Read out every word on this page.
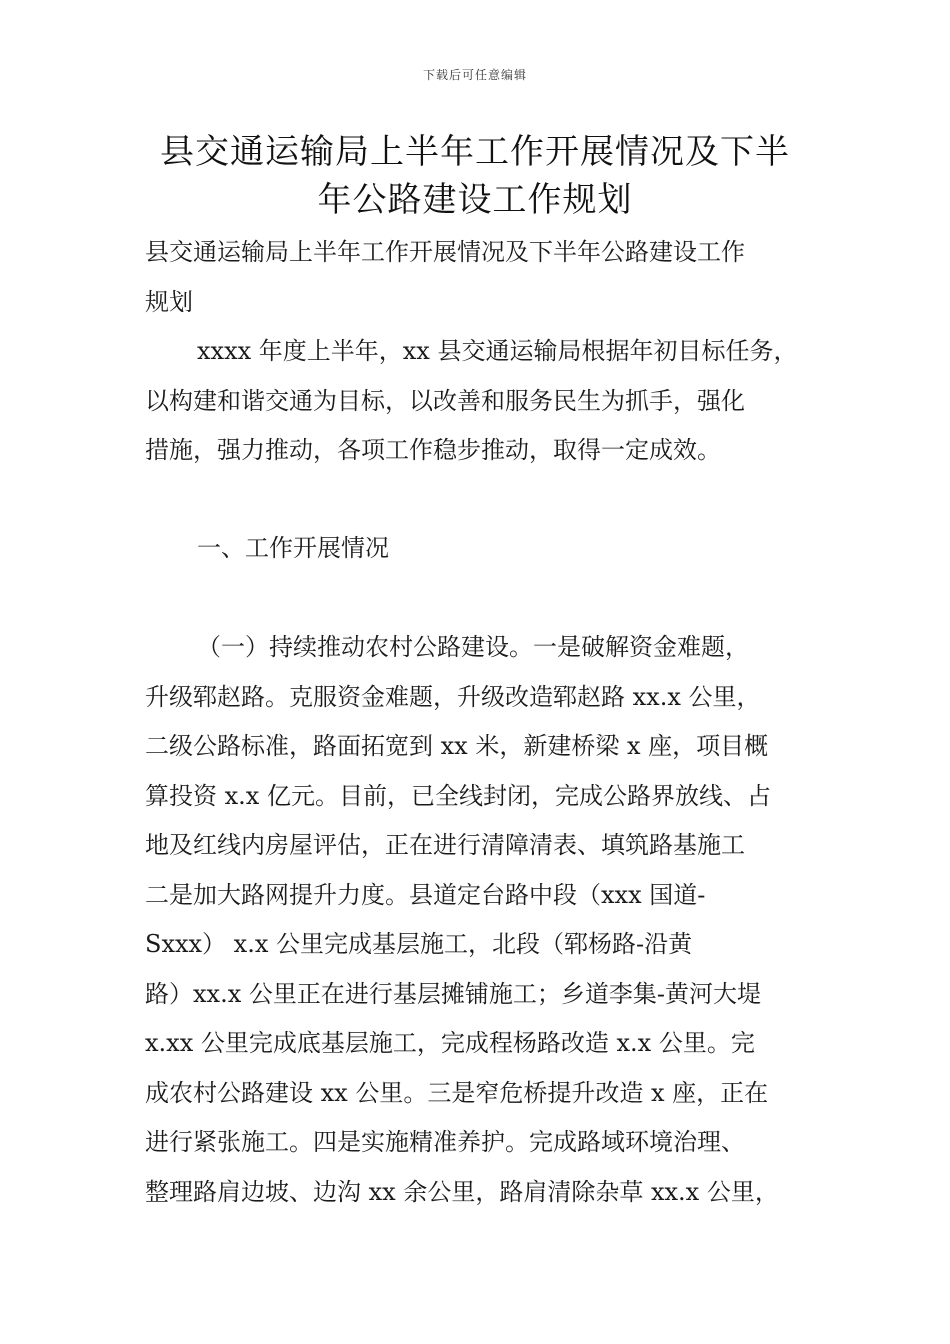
下载后可任意编辑
县交通运输局上半年工作开展情况及下半
年公路建设工作规划
县交通运输局上半年工作开展情况及下半年公路建设工作
规划
xxxx 年度上半年，xx 县交通运输局根据年初目标任务，
以构建和谐交通为目标，以改善和服务民生为抓手，强化
措施，强力推动，各项工作稳步推动，取得一定成效。
一、工作开展情况
（一）持续推动农村公路建设。一是破解资金难题，
升级郓赵路。克服资金难题，升级改造郓赵路 xx.x 公里，
二级公路标准，路面拓宽到 xx 米，新建桥梁 x 座，项目概
算投资 x.x 亿元。目前，已全线封闭，完成公路界放线、占
地及红线内房屋评估，正在进行清障清表、填筑路基施工
二是加大路网提升力度。县道定台路中段（xxx 国道-
Sxxx） x.x 公里完成基层施工，北段（郓杨路-沿黄
路）xx.x 公里正在进行基层摊铺施工；乡道李集-黄河大堤
x.xx 公里完成底基层施工，完成程杨路改造 x.x 公里。完
成农村公路建设 xx 公里。三是窄危桥提升改造 x 座，正在
进行紧张施工。四是实施精准养护。完成路域环境治理、
整理路肩边坡、边沟 xx 余公里，路肩清除杂草 xx.x 公里，
